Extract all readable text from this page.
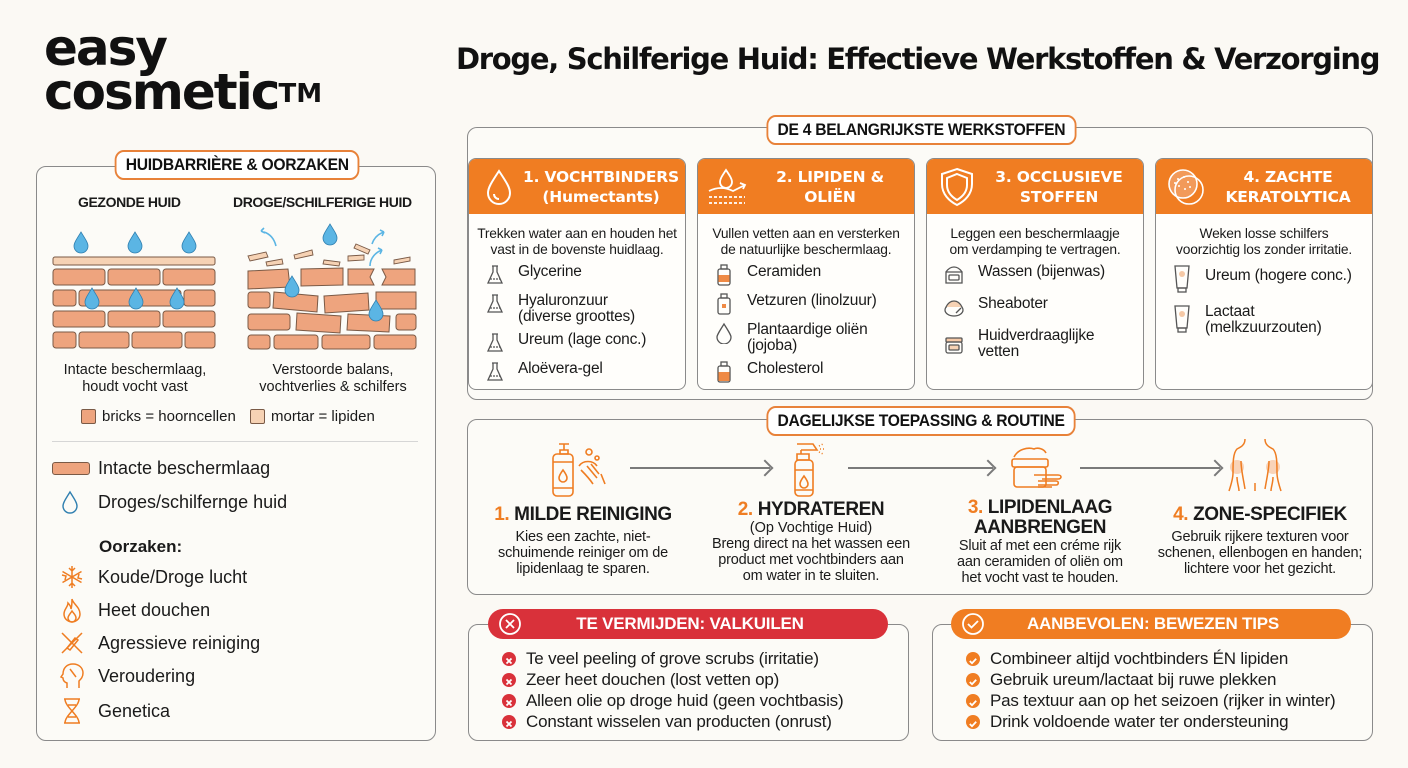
easy
cosmetic™
Droge, Schilferige Huid: Effectieve Werkstoffen & Verzorging
HUIDBARRIÈRE & OORZAKEN
GEZONDE HUID	DROGE/SCHILFERIGE HUID
Intacte beschermlaag,
houdt vocht vast
Verstoorde balans,
vochtverlies & schilfers
bricks = hoorncellen mortar = lipiden
Intacte beschermlaag
Droges/schilfernge huid
Oorzaken:
Koude/Droge lucht
Heet douchen
Agressieve reiniging
Veroudering
Genetica
DE 4 BELANGRIJKSTE WERKSTOFFEN
1. VOCHTBINDERS
(Humectants)
Trekken water aan en houden het
vast in de bovenste huidlaag.
Glycerine
Hyaluronzuur
(diverse groottes)
Ureum (lage conc.)
Aloëvera-gel
2. LIPIDEN &
OLIËN
Vullen vetten aan en versterken
de natuurlijke beschermlaag.
Ceramiden
Vetzuren (linolzuur)
Plantaardige oliën
(jojoba)
Cholesterol
3. OCCLUSIEVE
STOFFEN
Leggen een beschermlaagje
om verdamping te vertragen.
Wassen (bijenwas)
Sheaboter
Huidverdraaglijke
vetten
4. ZACHTE
KERATOLYTICA
Weken losse schilfers
voorzichtig los zonder irritatie.
Ureum (hogere conc.)
Lactaat
(melkzuurzouten)
DAGELIJKSE TOEPASSING & ROUTINE
1. MILDE REINIGING
Kies een zachte, niet-
schuimende reiniger om de
lipidenlaag te sparen.
2. HYDRATEREN
(Op Vochtige Huid)
Breng direct na het wassen een
product met vochtbinders aan
om water in te sluiten.
3. LIPIDENLAAG
AANBRENGEN
Sluit af met een créme rijk
aan ceramiden of oliën om
het vocht vast te houden.
4. ZONE-SPECIFIEK
Gebruik rijkere texturen voor
schenen, ellenbogen en handen;
lichtere voor het gezicht.
TE VERMIJDEN: VALKUILEN
Te veel peeling of grove scrubs (irritatie)
Zeer heet douchen (lost vetten op)
Alleen olie op droge huid (geen vochtbasis)
Constant wisselen van producten (onrust)
AANBEVOLEN: BEWEZEN TIPS
Combineer altijd vochtbinders ÉN lipiden
Gebruik ureum/lactaat bij ruwe plekken
Pas textuur aan op het seizoen (rijker in winter)
Drink voldoende water ter ondersteuning
